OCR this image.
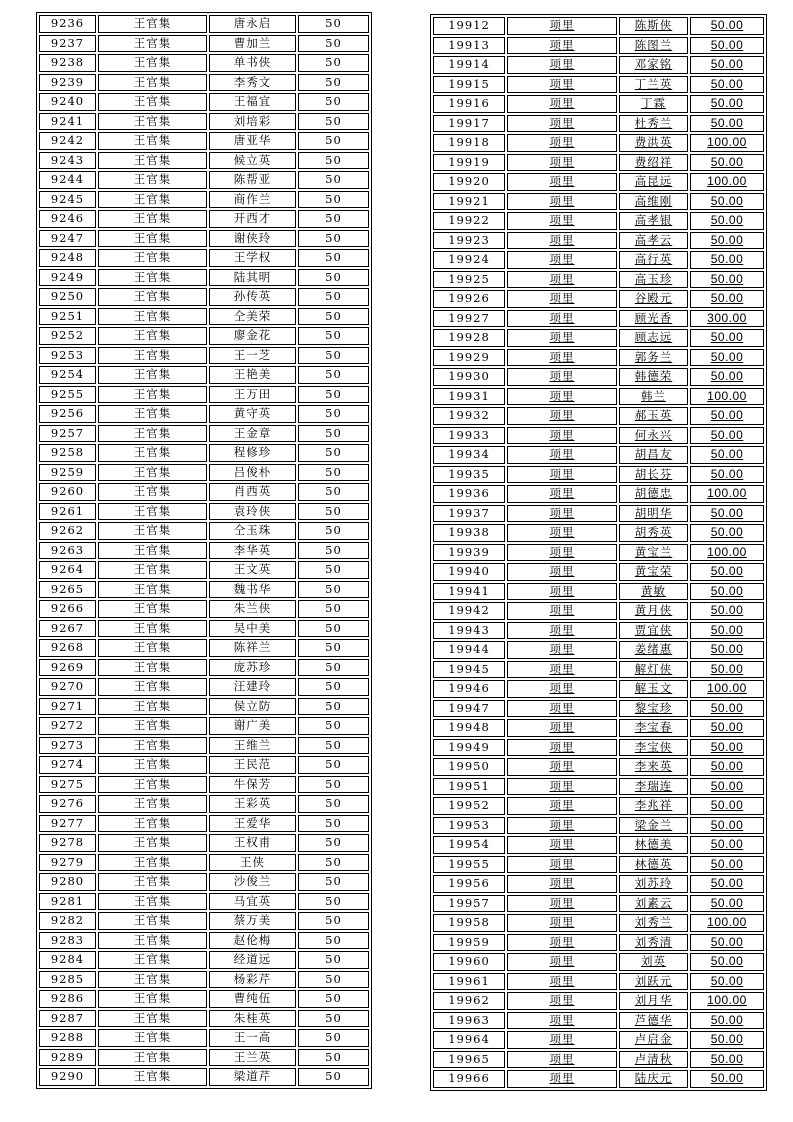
9236	王官集	唐永启	50
9237	王官集	曹加兰	50
9238	王官集	单书侠	50
9239	王官集	李秀文	50
9240	王官集	王福宜	50
9241	王官集	刘培彩	50
9242	王官集	唐亚华	50
9243	王官集	候立英	50
9244	王官集	陈帮亚	50
9245	王官集	商作兰	50
9246	王官集	开西才	50
9247	王官集	谢侠玲	50
9248	王官集	王学权	50
9249	王官集	陆其明	50
9250	王官集	孙传英	50
9251	王官集	仝美荣	50
9252	王官集	廖金花	50
9253	王官集	王一芝	50
9254	王官集	王艳美	50
9255	王官集	王万田	50
9256	王官集	黄守英	50
9257	王官集	王金章	50
9258	王官集	程修珍	50
9259	王官集	吕俊朴	50
9260	王官集	肖西英	50
9261	王官集	袁玲侠	50
9262	王官集	仝玉珠	50
9263	王官集	李华英	50
9264	王官集	王文英	50
9265	王官集	魏书华	50
9266	王官集	朱兰侠	50
9267	王官集	吴中美	50
9268	王官集	陈祥兰	50
9269	王官集	庞苏珍	50
9270	王官集	汪建玲	50
9271	王官集	侯立防	50
9272	王官集	谢广美	50
9273	王官集	王维兰	50
9274	王官集	王民范	50
9275	王官集	牛保芳	50
9276	王官集	王彩英	50
9277	王官集	王爱华	50
9278	王官集	王权甫	50
9279	王官集	王侠	50
9280	王官集	沙俊兰	50
9281	王官集	马宜英	50
9282	王官集	蔡万美	50
9283	王官集	赵伦梅	50
9284	王官集	经道远	50
9285	王官集	杨彩芹	50
9286	王官集	曹纯伍	50
9287	王官集	朱桂英	50
9288	王官集	王一高	50
9289	王官集	王兰英	50
9290	王官集	梁道芹	50
19912	项里	陈斯侠	50.00
19913	项里	陈图兰	50.00
19914	项里	邓家铭	50.00
19915	项里	丁兰英	50.00
19916	项里	丁霖	50.00
19917	项里	杜秀兰	50.00
19918	项里	费洪英	100.00
19919	项里	费绍祥	50.00
19920	项里	高昆远	100.00
19921	项里	高维刚	50.00
19922	项里	高孝银	50.00
19923	项里	高孝云	50.00
19924	项里	高行英	50.00
19925	项里	高玉珍	50.00
19926	项里	谷殿元	50.00
19927	项里	顾光香	300.00
19928	项里	顾志远	50.00
19929	项里	郭务兰	50.00
19930	项里	韩德荣	50.00
19931	项里	韩兰	100.00
19932	项里	郝玉英	50.00
19933	项里	何永兴	50.00
19934	项里	胡昌友	50.00
19935	项里	胡长芬	50.00
19936	项里	胡德忠	100.00
19937	项里	胡明华	50.00
19938	项里	胡秀英	50.00
19939	项里	黄宝兰	100.00
19940	项里	黄宝荣	50.00
19941	项里	黄敏	50.00
19942	项里	黄月侠	50.00
19943	项里	贾宜侠	50.00
19944	项里	姜绪惠	50.00
19945	项里	解灯侠	50.00
19946	项里	解玉文	100.00
19947	项里	黎宝珍	50.00
19948	项里	李宝春	50.00
19949	项里	李宝侠	50.00
19950	项里	李来英	50.00
19951	项里	李瑞连	50.00
19952	项里	李兆祥	50.00
19953	项里	梁金兰	50.00
19954	项里	林德美	50.00
19955	项里	林德英	50.00
19956	项里	刘苏玲	50.00
19957	项里	刘素云	50.00
19958	项里	刘秀兰	100.00
19959	项里	刘秀清	50.00
19960	项里	刘英	50.00
19961	项里	刘跃元	50.00
19962	项里	刘月华	100.00
19963	项里	芦德华	50.00
19964	项里	卢启金	50.00
19965	项里	卢清秋	50.00
19966	项里	陆庆元	50.00
